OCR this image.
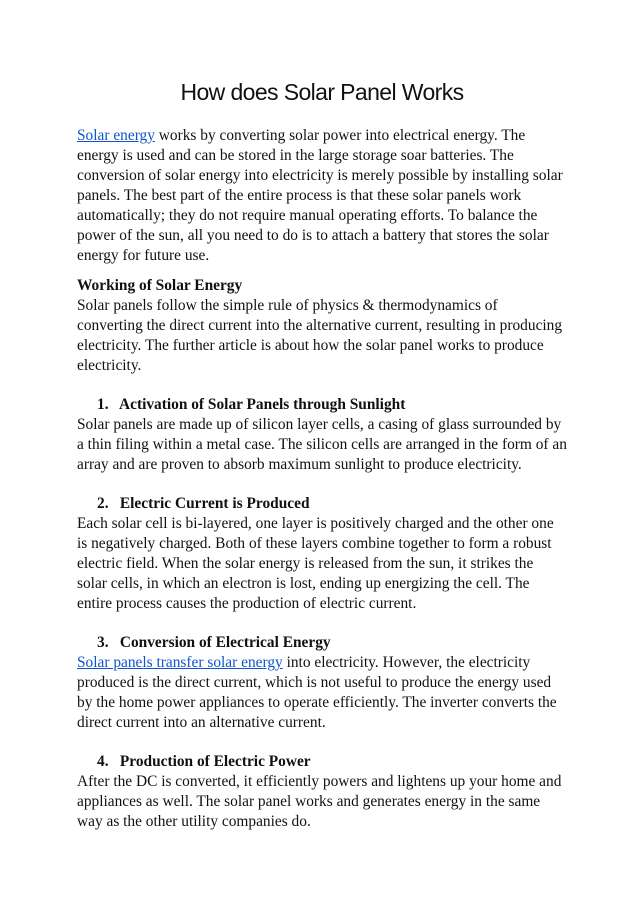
How does Solar Panel Works

Solar energy works by converting solar power into electrical energy. The energy is used and can be stored in the large storage soar batteries. The conversion of solar energy into electricity is merely possible by installing solar panels. The best part of the entire process is that these solar panels work automatically; they do not require manual operating efforts. To balance the power of the sun, all you need to do is to attach a battery that stores the solar energy for future use.

Working of Solar Energy

Solar panels follow the simple rule of physics & thermodynamics of converting the direct current into the alternative current, resulting in producing electricity. The further article is about how the solar panel works to produce electricity.

1. Activation of Solar Panels through Sunlight

Solar panels are made up of silicon layer cells, a casing of glass surrounded by a thin filing within a metal case. The silicon cells are arranged in the form of an array and are proven to absorb maximum sunlight to produce electricity.

2. Electric Current is Produced

Each solar cell is bi-layered, one layer is positively charged and the other one is negatively charged. Both of these layers combine together to form a robust electric field. When the solar energy is released from the sun, it strikes the solar cells, in which an electron is lost, ending up energizing the cell. The entire process causes the production of electric current.

3. Conversion of Electrical Energy

Solar panels transfer solar energy into electricity. However, the electricity produced is the direct current, which is not useful to produce the energy used by the home power appliances to operate efficiently. The inverter converts the direct current into an alternative current.

4. Production of Electric Power

After the DC is converted, it efficiently powers and lightens up your home and appliances as well. The solar panel works and generates energy in the same way as the other utility companies do.
